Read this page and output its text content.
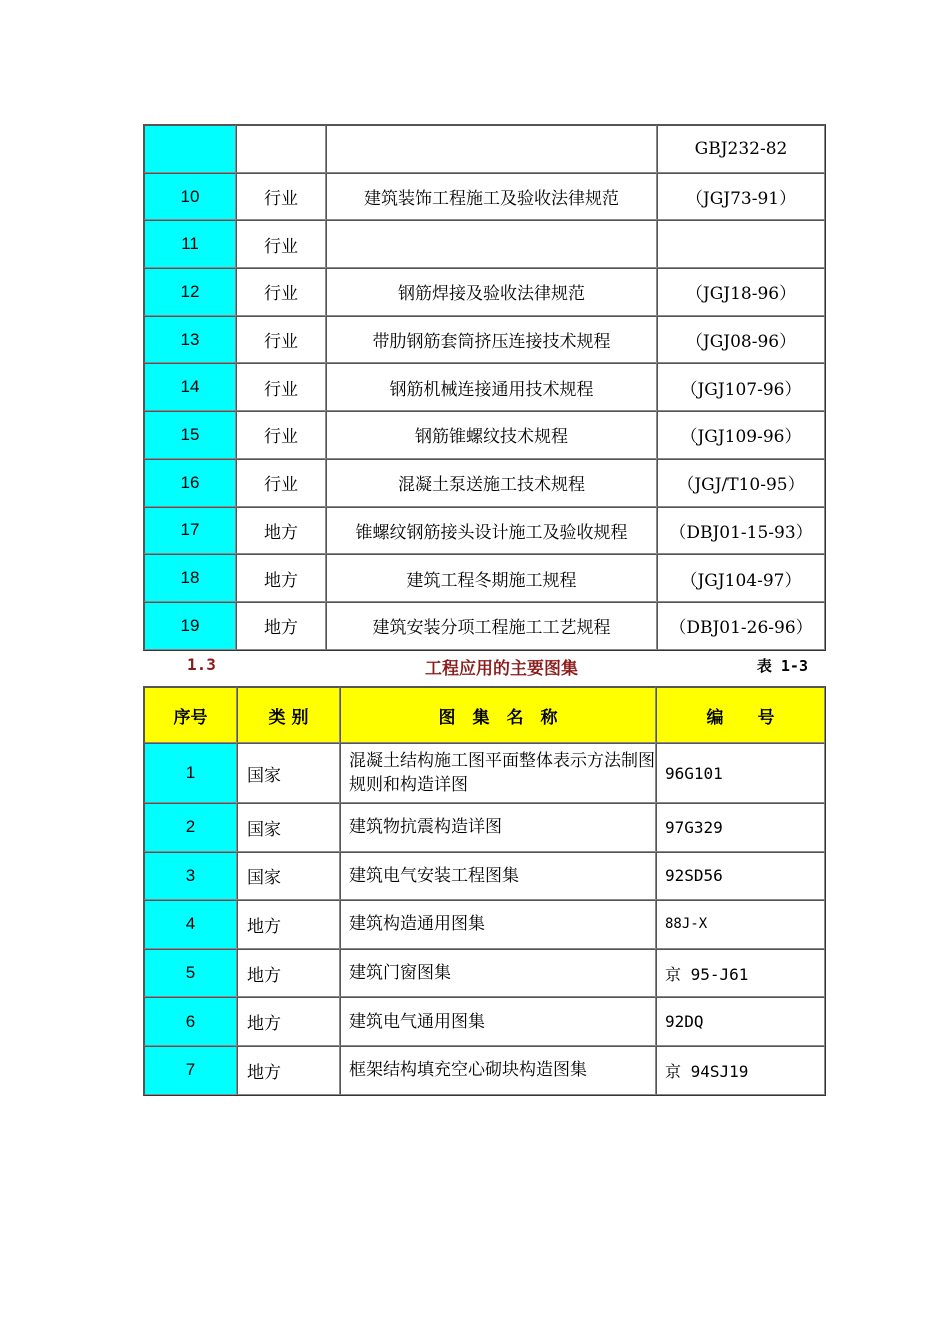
			GBJ232-82
10	行业	建筑装饰工程施工及验收法律规范	（JGJ73-91）
11	行业		
12	行业	钢筋焊接及验收法律规范	（JGJ18-96）
13	行业	带肋钢筋套筒挤压连接技术规程	（JGJ08-96）
14	行业	钢筋机械连接通用技术规程	（JGJ107-96）
15	行业	钢筋锥螺纹技术规程	（JGJ109-96）
16	行业	混凝土泵送施工技术规程	（JGJ/T10-95）
17	地方	锥螺纹钢筋接头设计施工及验收规程	（DBJ01-15-93）
18	地方	建筑工程冬期施工规程	（JGJ104-97）
19	地方	建筑安装分项工程施工工艺规程	（DBJ01-26-96）
1.3	工程应用的主要图集	表 1-3
序号	类 别	图　集　名　称	编　　号
1	国家	混凝土结构施工图平面整体表示方法制图规则和构造详图	96G101
2	国家	建筑物抗震构造详图	97G329
3	国家	建筑电气安装工程图集	92SD56
4	地方	建筑构造通用图集	88J-X
5	地方	建筑门窗图集	京 95-J61
6	地方	建筑电气通用图集	92DQ
7	地方	框架结构填充空心砌块构造图集	京 94SJ19
